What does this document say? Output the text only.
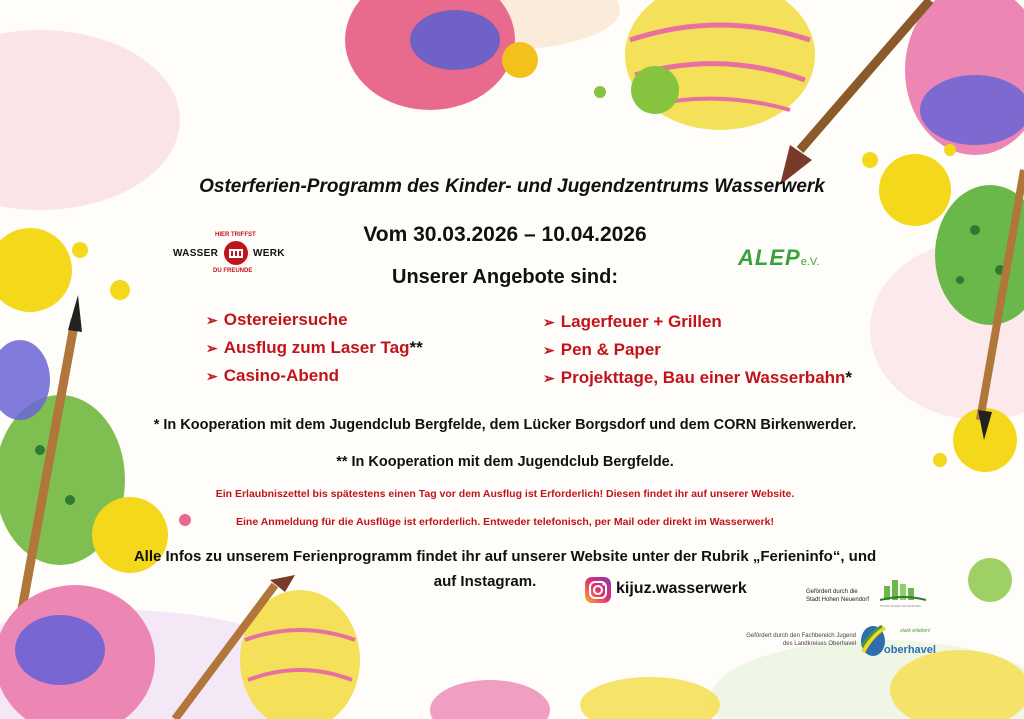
Osterferien-Programm des Kinder- und Jugendzentrums Wasserwerk
Vom 30.03.2026 – 10.04.2026
Unserer Angebote sind:
HIER TRIFFST
WASSER	WERK
DU FREUNDE
ALEPe.V.
➢ Ostereiersuche
➢ Ausflug zum Laser Tag**
➢ Casino-Abend
➢ Lagerfeuer + Grillen
➢ Pen & Paper
➢ Projekttage, Bau einer Wasserbahn*
* In Kooperation mit dem Jugendclub Bergfelde, dem Lücker Borgsdorf und dem CORN Birkenwerder.
** In Kooperation mit dem Jugendclub Bergfelde.
Ein Erlaubniszettel bis spätestens einen Tag vor dem Ausflug ist Erforderlich! Diesen findet ihr auf unserer Website.
Eine Anmeldung für die Ausflüge ist erforderlich. Entweder telefonisch, per Mail oder direkt im Wasserwerk!
Alle Infos zu unserem Ferienprogramm findet ihr auf unserer Website unter der Rubrik „Ferieninfo“, und
auf Instagram.	kijuz.wasserwerk	Gefördert durch die
Stadt Hohen Neuendorf
STADT HOHEN NEUENDORF
Gefördert durch den Fachbereich Jugend
des Landkreises Oberhavel
stark erleben!
oberhavel
